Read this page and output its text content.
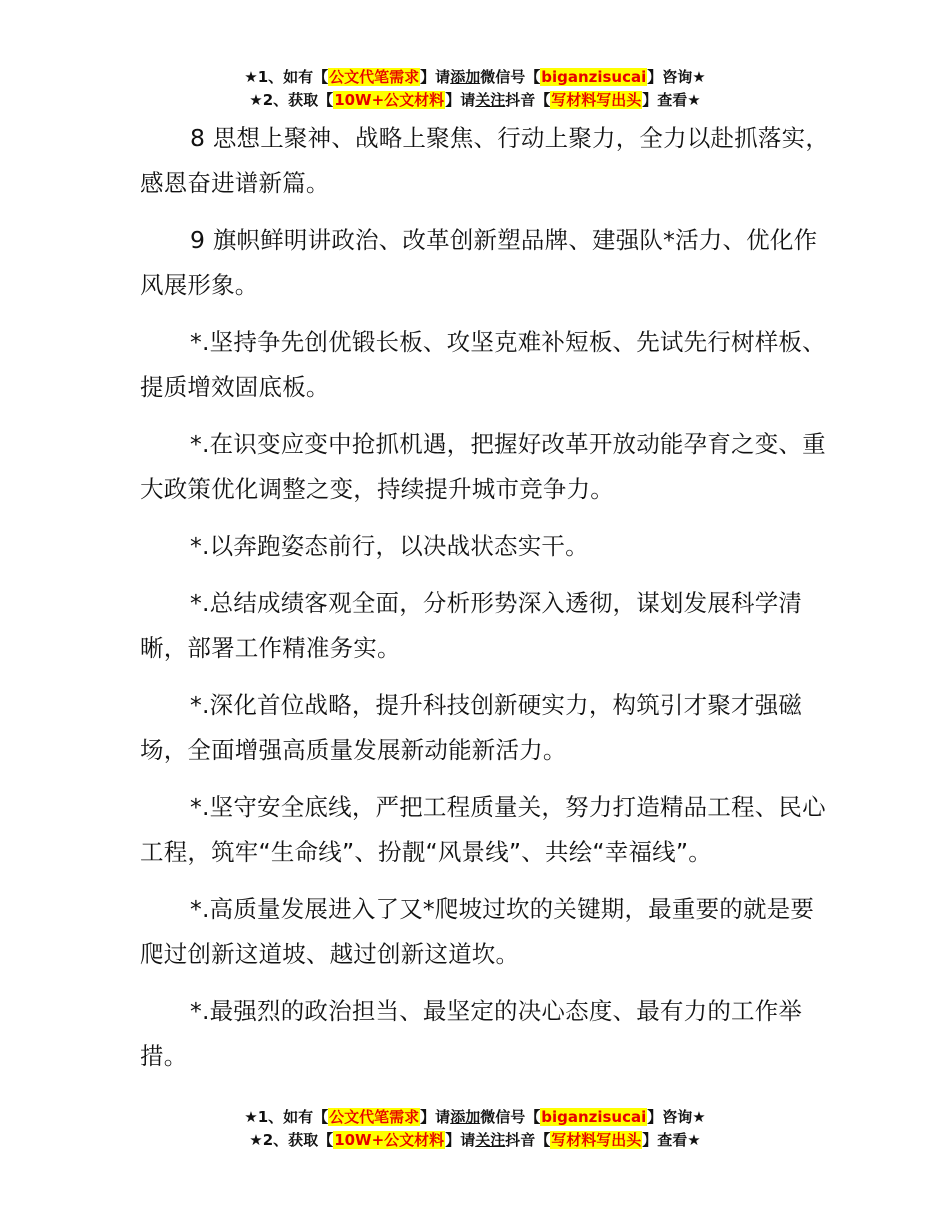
★1、如有【公文代笔需求】请添加微信号【biganzisucai】咨询★
★2、获取【10W+公文材料】请关注抖音【写材料写出头】查看★

8 思想上聚神、战略上聚焦、行动上聚力，全力以赴抓落实，感恩奋进谱新篇。

9 旗帜鲜明讲政治、改革创新塑品牌、建强队*活力、优化作风展形象。

*.坚持争先创优锻长板、攻坚克难补短板、先试先行树样板、提质增效固底板。

*.在识变应变中抢抓机遇，把握好改革开放动能孕育之变、重大政策优化调整之变，持续提升城市竞争力。

*.以奔跑姿态前行，以决战状态实干。

*.总结成绩客观全面，分析形势深入透彻，谋划发展科学清晰，部署工作精准务实。

*.深化首位战略，提升科技创新硬实力，构筑引才聚才强磁场，全面增强高质量发展新动能新活力。

*.坚守安全底线，严把工程质量关，努力打造精品工程、民心工程，筑牢“生命线”、扮靓“风景线”、共绘“幸福线”。

*.高质量发展进入了又*爬坡过坎的关键期，最重要的就是要爬过创新这道坡、越过创新这道坎。

*.最强烈的政治担当、最坚定的决心态度、最有力的工作举措。

★1、如有【公文代笔需求】请添加微信号【biganzisucai】咨询★
★2、获取【10W+公文材料】请关注抖音【写材料写出头】查看★
